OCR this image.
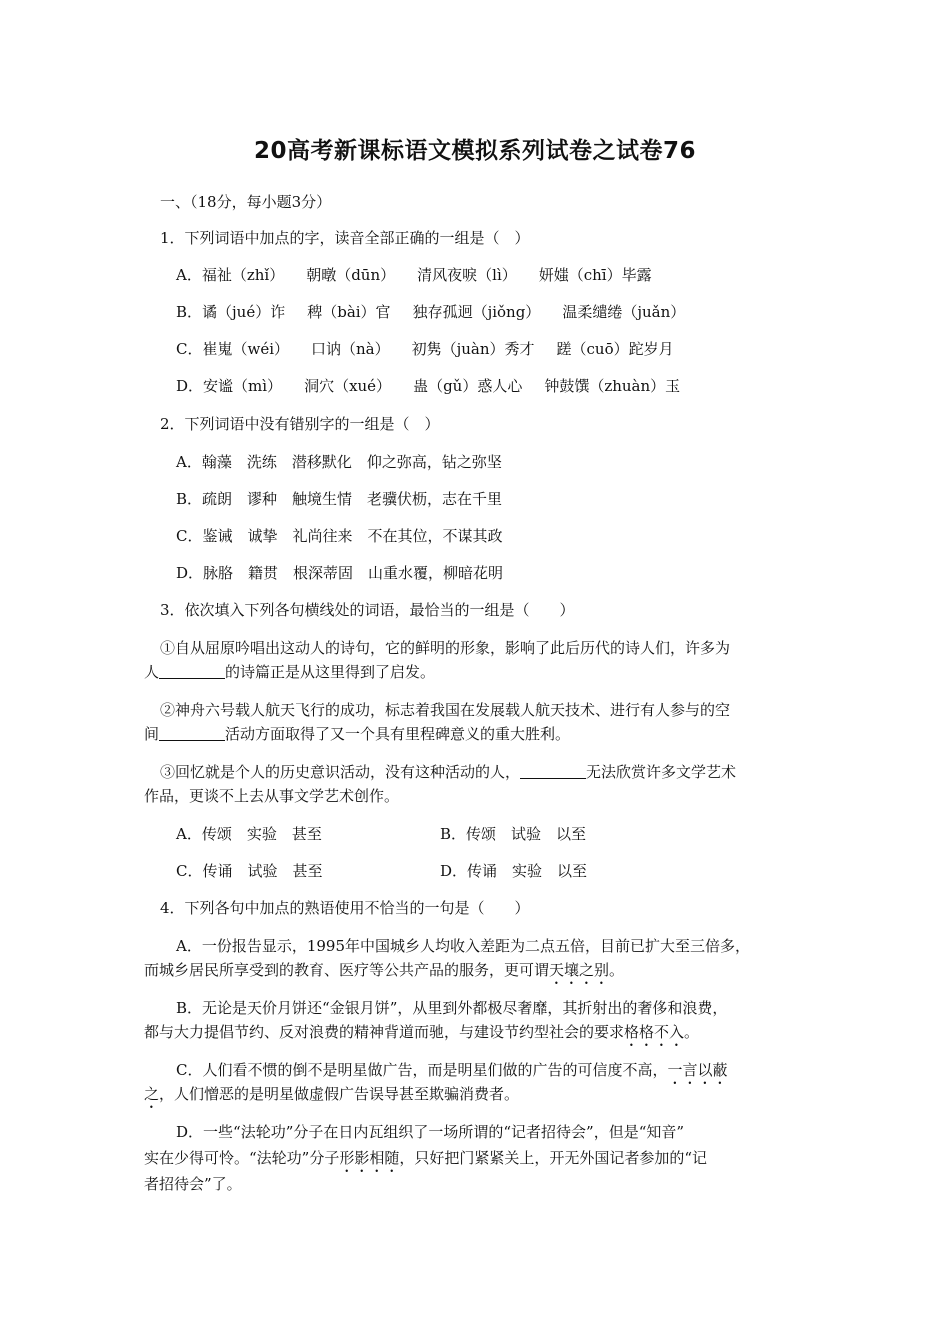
20高考新课标语文模拟系列试卷之试卷76
一、（18分，每小题3分）
1．下列词语中加点的字，读音全部正确的一组是（　）
A．福祉（zhǐ） 朝暾（dūn） 清风夜唳（lì） 妍媸（chī）毕露
B．谲（jué）诈 稗（bài）官 独存孤迥（jiǒng） 温柔缱绻（juǎn）
C．崔嵬（wéi） 口讷（nà） 初隽（juàn）秀才 蹉（cuō）跎岁月
D．安谧（mì） 洞穴（xué） 蛊（gǔ）惑人心 钟鼓馔（zhuàn）玉
2．下列词语中没有错别字的一组是（　）
A．翰藻　洗练　潜移默化　仰之弥高，钻之弥坚
B．疏朗　谬种　触境生情　老骥伏枥，志在千里
C．鉴诫　诚挚　礼尚往来　不在其位，不谋其政
D．脉胳　籍贯　根深蒂固　山重水覆，柳暗花明
3．依次填入下列各句横线处的词语，最恰当的一组是（　　）
①自从屈原吟唱出这动人的诗句，它的鲜明的形象，影响了此后历代的诗人们，许多为
人	的诗篇正是从这里得到了启发。
②神舟六号载人航天飞行的成功，标志着我国在发展载人航天技术、进行有人参与的空
间	活动方面取得了又一个具有里程碑意义的重大胜利。
③回忆就是个人的历史意识活动，没有这种活动的人，	无法欣赏许多文学艺术
作品，更谈不上去从事文学艺术创作。
A．传颂　实验　甚至	B．传颂　试验　以至
C．传诵　试验　甚至	D．传诵　实验　以至
4．下列各句中加点的熟语使用不恰当的一句是（　　）
A．一份报告显示，1995年中国城乡人均收入差距为二点五倍，目前已扩大至三倍多，
而城乡居民所享受到的教育、医疗等公共产品的服务，更可谓天壤之别。
B．无论是天价月饼还“金银月饼”，从里到外都极尽奢靡，其折射出的奢侈和浪费，
都与大力提倡节约、反对浪费的精神背道而驰，与建设节约型社会的要求格格不入。
C．人们看不惯的倒不是明星做广告，而是明星们做的广告的可信度不高，一言以蔽
之，人们憎恶的是明星做虚假广告误导甚至欺骗消费者。
D．一些“法轮功”分子在日内瓦组织了一场所谓的“记者招待会”，但是“知音”
实在少得可怜。“法轮功”分子形影相随，只好把门紧紧关上，开无外国记者参加的“记
者招待会”了。
